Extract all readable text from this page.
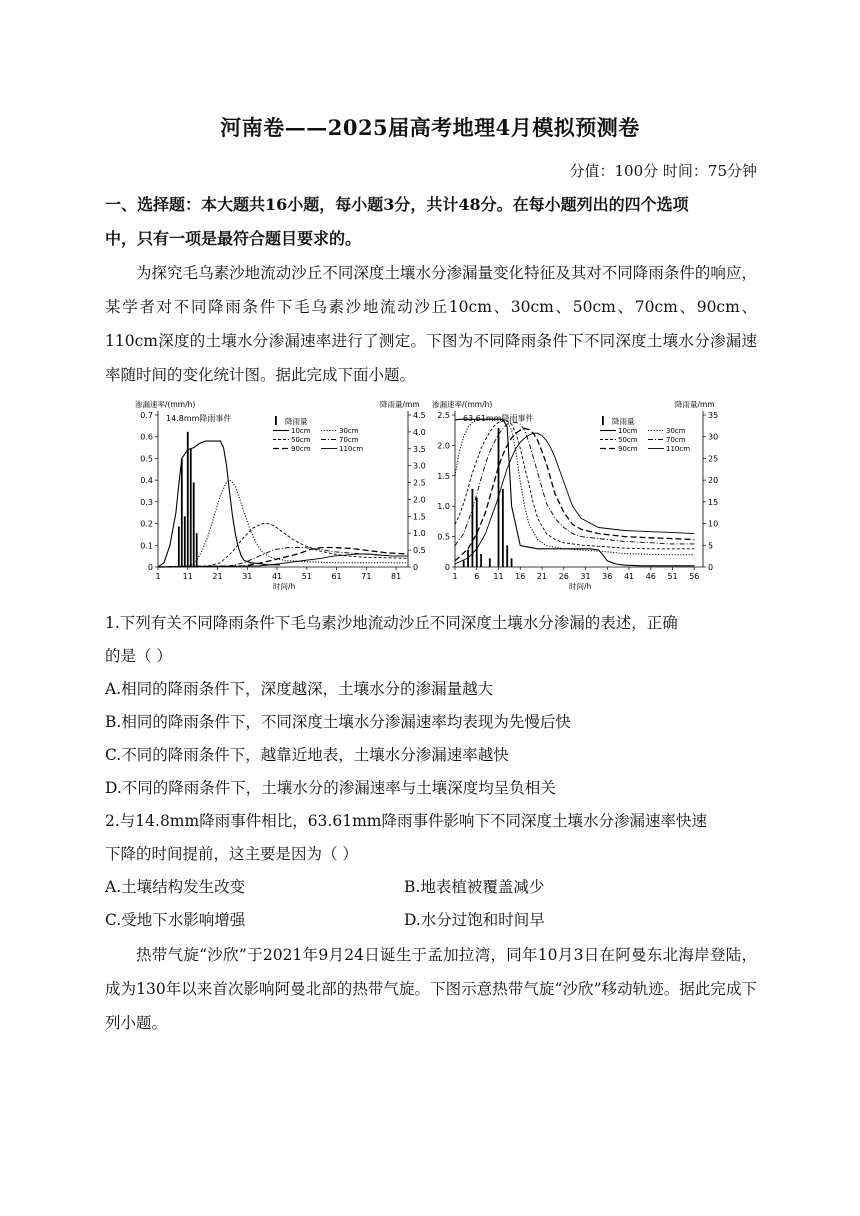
河南卷——2025届高考地理4月模拟预测卷
分值：100分 时间：75分钟
一、选择题：本大题共16小题，每小题3分，共计48分。在每小题列出的四个选项
中，只有一项是最符合题目要求的。
为探究毛乌素沙地流动沙丘不同深度土壤水分渗漏量变化特征及其对不同降雨条件的响应，某学者对不同降雨条件下毛乌素沙地流动沙丘10cm、30cm、50cm、70cm、90cm、110cm深度的土壤水分渗漏速率进行了测定。下图为不同降雨条件下不同深度土壤水分渗漏速率随时间的变化统计图。据此完成下面小题。
0
0.1
0.2
0.3
0.4
0.5
0.6
0.7
0
0.5
1.0
1.5
2.0
2.5
3.0
3.5
4.0
4.5
1	11 21 31 41 51 61 71 81
渗漏速率/(mm/h)	降雨量/mm
时间/h
14.8mm降雨事件	降雨量
10cm	30cm
50cm	70cm
90cm	110cm
0
0.5
1.0
1.5
2.0
2.5
0
5
10
15
20
25
30
35
1 6 11 16 21 26 31 36 41 46 51 56
渗漏速率/(mm/h)	降雨量/mm
时间/h
63.61mm降雨事件	降雨量
10cm	30cm
50cm	70cm
90cm	110cm
1.下列有关不同降雨条件下毛乌素沙地流动沙丘不同深度土壤水分渗漏的表述，正确
的是（ ）
A.相同的降雨条件下，深度越深，土壤水分的渗漏量越大
B.相同的降雨条件下，不同深度土壤水分渗漏速率均表现为先慢后快
C.不同的降雨条件下，越靠近地表，土壤水分渗漏速率越快
D.不同的降雨条件下，土壤水分的渗漏速率与土壤深度均呈负相关
2.与14.8mm降雨事件相比，63.61mm降雨事件影响下不同深度土壤水分渗漏速率快速
下降的时间提前，这主要是因为（ ）
A.土壤结构发生改变	B.地表植被覆盖减少
C.受地下水影响增强	D.水分过饱和时间早
热带气旋“沙欣”于2021年9月24日诞生于孟加拉湾，同年10月3日在阿曼东北海岸登陆，成为130年以来首次影响阿曼北部的热带气旋。下图示意热带气旋“沙欣”移动轨迹。据此完成下列小题。
